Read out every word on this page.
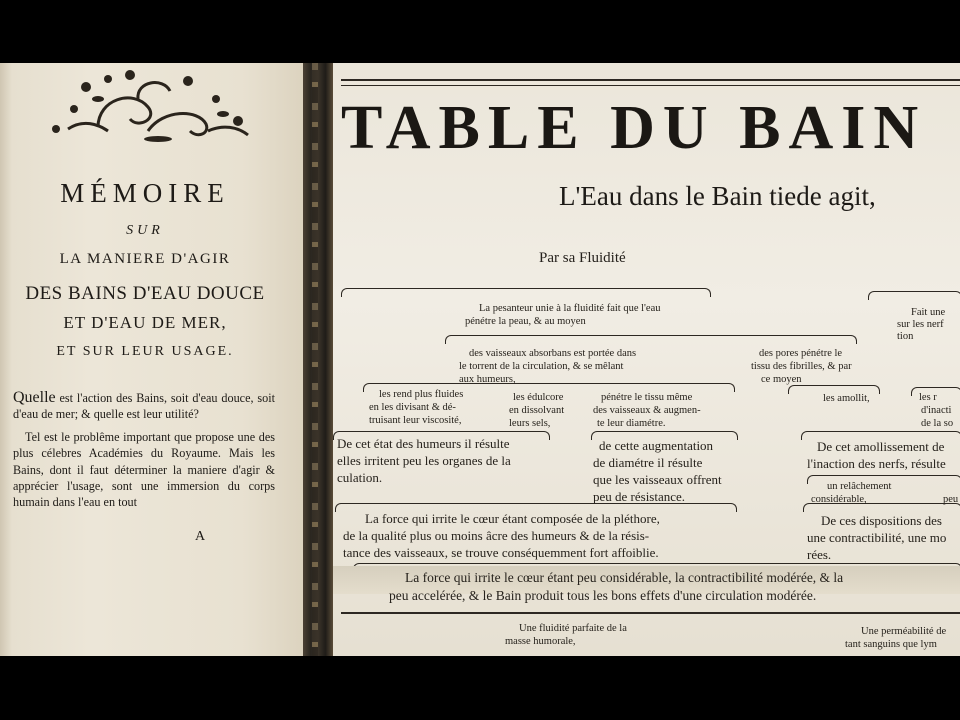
MÉMOIRE
SUR
LA MANIERE D'AGIR
DES BAINS D'EAU DOUCE
ET D'EAU DE MER,
ET SUR LEUR USAGE.

Quelle est l'action des Bains, soit d'eau douce, soit d'eau de mer; & quelle est leur utilité?

Tel est le problême important que propose une des plus célebres Académies du Royaume. Mais les Bains, dont il faut déterminer la maniere d'agir & apprécier l'usage, sont une immersion du corps humain dans l'eau en tout

A
TABLE DU BAIN
L'Eau dans le Bain tiede agit,
Par sa Fluidité
La pesanteur unie à la fluidité fait que l'eau
pénétre la peau, & au moyen
Fait une
sur les nerf
tion
des vaisseaux absorbans est portée dans
le torrent de la circulation, & se mêlant
aux humeurs,
des pores pénétre le
tissu des fibrilles, & par
ce moyen
les rend plus fluides
en les divisant & dé-
truisant leur viscosité,
les édulcore
en dissolvant
leurs sels,
pénétre le tissu même
des vaisseaux & augmen-
te leur diamétre.
les amollit,	les r
d'inacti
de la so
De cet état des humeurs il résulte
elles irritent peu les organes de la
culation.
de cette augmentation
de diamétre il résulte
que les vaisseaux offrent
peu de résistance.
De cet amollissement de
l'inaction des nerfs, résulte
un relâchement
considérable,	peu
La force qui irrite le cœur étant composée de la pléthore,
de la qualité plus ou moins âcre des humeurs & de la résis-
tance des vaisseaux, se trouve conséquemment fort affoiblie.
De ces dispositions des
une contractibilité, une mo
rées.
La force qui irrite le cœur étant peu considérable, la contractibilité modérée, & la
peu accelérée, & le Bain produit tous les bons effets d'une circulation modérée.
Une fluidité parfaite de la
masse humorale,
Une perméabilité de
tant sanguins que lym
